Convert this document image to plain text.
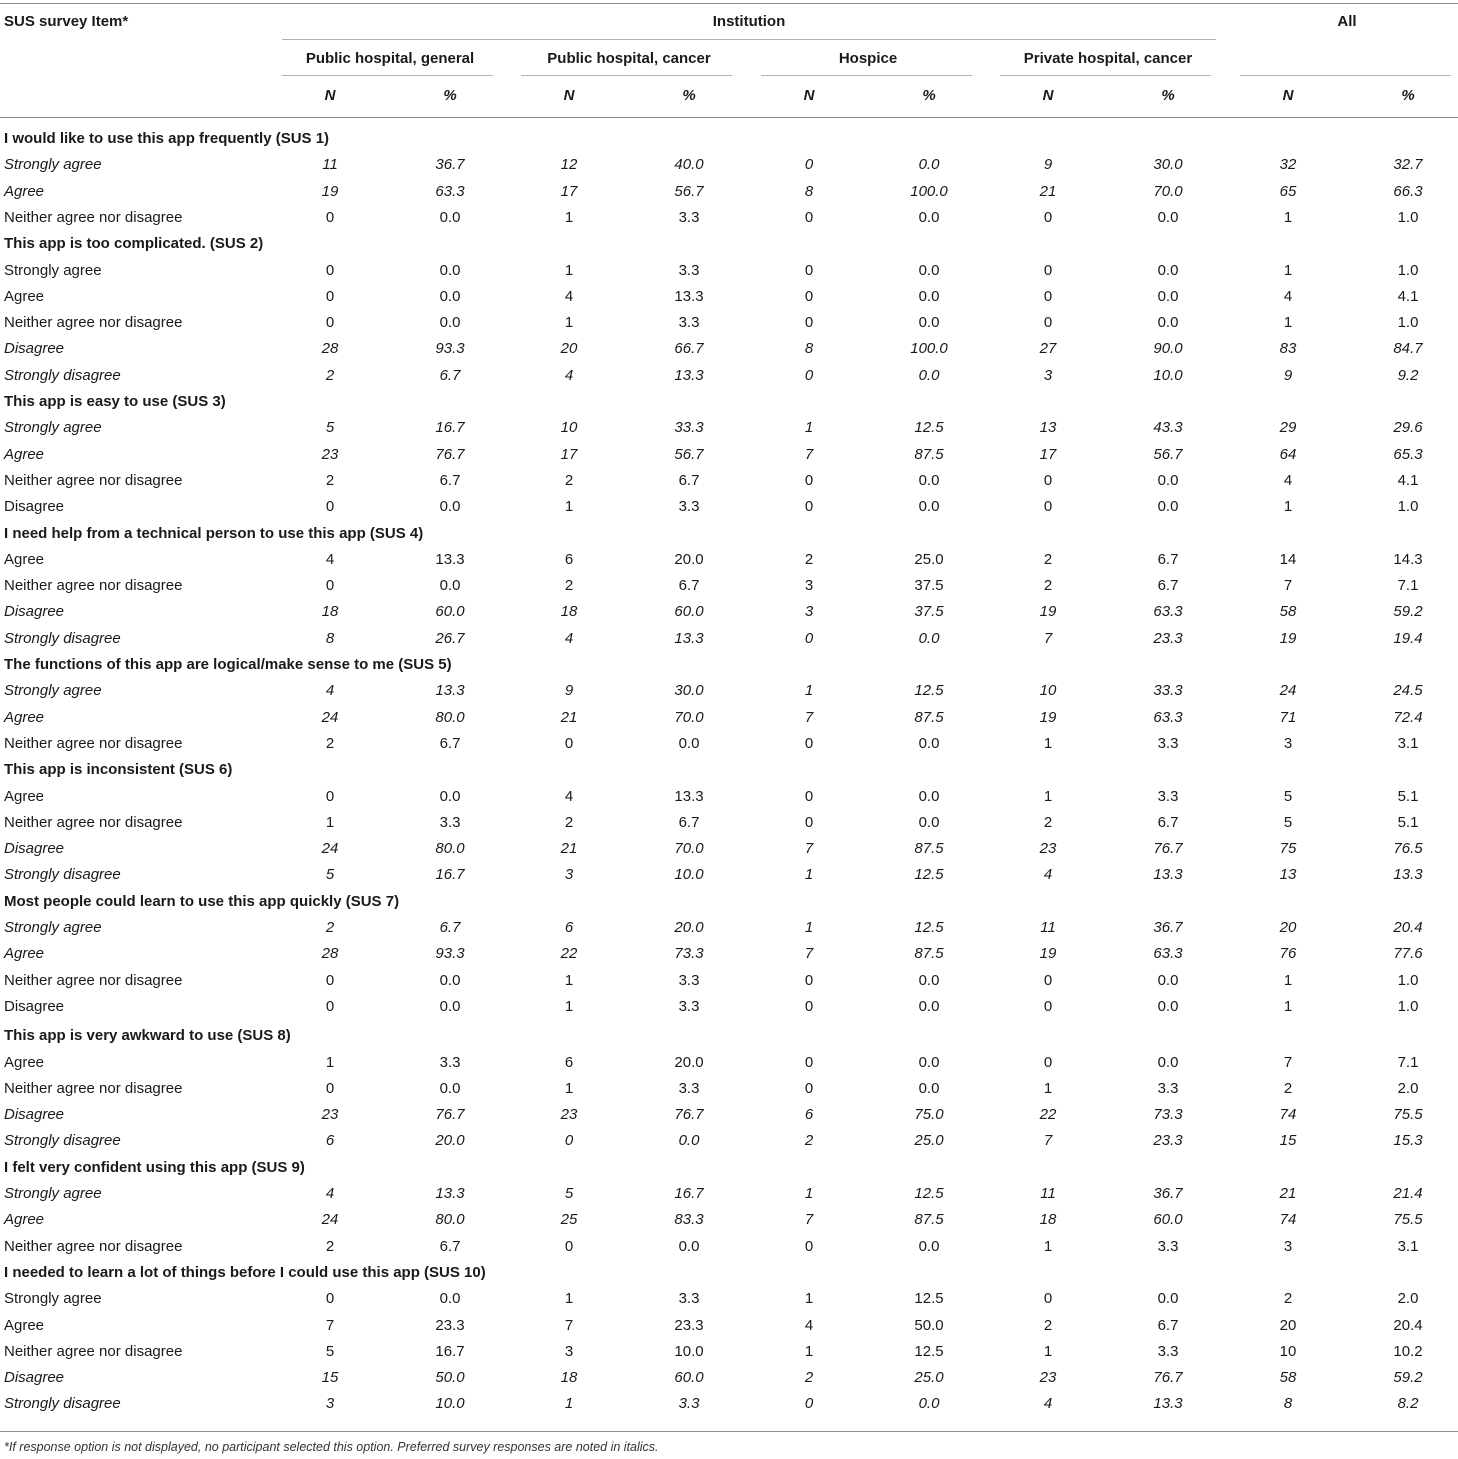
SUS survey Item*	Institution	All
Public hospital, general	Public hospital, cancer	Hospice	Private hospital, cancer
N	%	N	%	N	%	N	%	N	%
I would like to use this app frequently (SUS 1)
Strongly agree	11	36.7	12	40.0	0	0.0	9	30.0	32	32.7
Agree	19	63.3	17	56.7	8	100.0	21	70.0	65	66.3
Neither agree nor disagree	0	0.0	1	3.3	0	0.0	0	0.0	1	1.0
This app is too complicated. (SUS 2)
Strongly agree	0	0.0	1	3.3	0	0.0	0	0.0	1	1.0
Agree	0	0.0	4	13.3	0	0.0	0	0.0	4	4.1
Neither agree nor disagree	0	0.0	1	3.3	0	0.0	0	0.0	1	1.0
Disagree	28	93.3	20	66.7	8	100.0	27	90.0	83	84.7
Strongly disagree	2	6.7	4	13.3	0	0.0	3	10.0	9	9.2
This app is easy to use (SUS 3)
Strongly agree	5	16.7	10	33.3	1	12.5	13	43.3	29	29.6
Agree	23	76.7	17	56.7	7	87.5	17	56.7	64	65.3
Neither agree nor disagree	2	6.7	2	6.7	0	0.0	0	0.0	4	4.1
Disagree	0	0.0	1	3.3	0	0.0	0	0.0	1	1.0
I need help from a technical person to use this app (SUS 4)
Agree	4	13.3	6	20.0	2	25.0	2	6.7	14	14.3
Neither agree nor disagree	0	0.0	2	6.7	3	37.5	2	6.7	7	7.1
Disagree	18	60.0	18	60.0	3	37.5	19	63.3	58	59.2
Strongly disagree	8	26.7	4	13.3	0	0.0	7	23.3	19	19.4
The functions of this app are logical/make sense to me (SUS 5)
Strongly agree	4	13.3	9	30.0	1	12.5	10	33.3	24	24.5
Agree	24	80.0	21	70.0	7	87.5	19	63.3	71	72.4
Neither agree nor disagree	2	6.7	0	0.0	0	0.0	1	3.3	3	3.1
This app is inconsistent (SUS 6)
Agree	0	0.0	4	13.3	0	0.0	1	3.3	5	5.1
Neither agree nor disagree	1	3.3	2	6.7	0	0.0	2	6.7	5	5.1
Disagree	24	80.0	21	70.0	7	87.5	23	76.7	75	76.5
Strongly disagree	5	16.7	3	10.0	1	12.5	4	13.3	13	13.3
Most people could learn to use this app quickly (SUS 7)
Strongly agree	2	6.7	6	20.0	1	12.5	11	36.7	20	20.4
Agree	28	93.3	22	73.3	7	87.5	19	63.3	76	77.6
Neither agree nor disagree	0	0.0	1	3.3	0	0.0	0	0.0	1	1.0
Disagree	0	0.0	1	3.3	0	0.0	0	0.0	1	1.0
This app is very awkward to use (SUS 8)
Agree	1	3.3	6	20.0	0	0.0	0	0.0	7	7.1
Neither agree nor disagree	0	0.0	1	3.3	0	0.0	1	3.3	2	2.0
Disagree	23	76.7	23	76.7	6	75.0	22	73.3	74	75.5
Strongly disagree	6	20.0	0	0.0	2	25.0	7	23.3	15	15.3
I felt very confident using this app (SUS 9)
Strongly agree	4	13.3	5	16.7	1	12.5	11	36.7	21	21.4
Agree	24	80.0	25	83.3	7	87.5	18	60.0	74	75.5
Neither agree nor disagree	2	6.7	0	0.0	0	0.0	1	3.3	3	3.1
I needed to learn a lot of things before I could use this app (SUS 10)
Strongly agree	0	0.0	1	3.3	1	12.5	0	0.0	2	2.0
Agree	7	23.3	7	23.3	4	50.0	2	6.7	20	20.4
Neither agree nor disagree	5	16.7	3	10.0	1	12.5	1	3.3	10	10.2
Disagree	15	50.0	18	60.0	2	25.0	23	76.7	58	59.2
Strongly disagree	3	10.0	1	3.3	0	0.0	4	13.3	8	8.2
*If response option is not displayed, no participant selected this option. Preferred survey responses are noted in italics.
